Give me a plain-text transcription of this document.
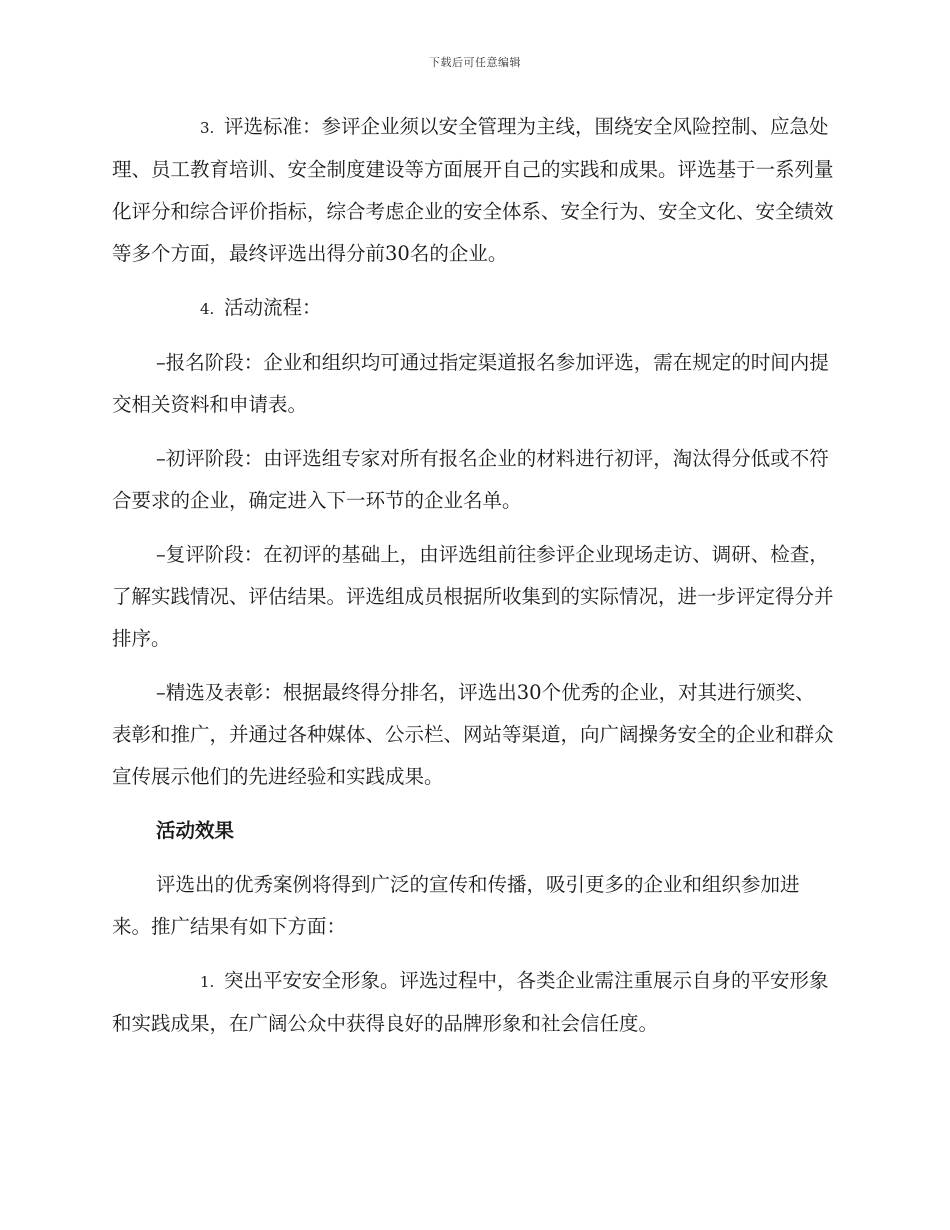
下载后可任意编辑

3. 评选标准：参评企业须以安全管理为主线，围绕安全风险控制、应急处理、员工教育培训、安全制度建设等方面展开自己的实践和成果。评选基于一系列量化评分和综合评价指标，综合考虑企业的安全体系、安全行为、安全文化、安全绩效等多个方面，最终评选出得分前30名的企业。

4. 活动流程：

–报名阶段：企业和组织均可通过指定渠道报名参加评选，需在规定的时间内提交相关资料和申请表。

–初评阶段：由评选组专家对所有报名企业的材料进行初评，淘汰得分低或不符合要求的企业，确定进入下一环节的企业名单。

–复评阶段：在初评的基础上，由评选组前往参评企业现场走访、调研、检查，了解实践情况、评估结果。评选组成员根据所收集到的实际情况，进一步评定得分并排序。

–精选及表彰：根据最终得分排名，评选出30个优秀的企业，对其进行颁奖、表彰和推广，并通过各种媒体、公示栏、网站等渠道，向广阔操务安全的企业和群众宣传展示他们的先进经验和实践成果。

活动效果

评选出的优秀案例将得到广泛的宣传和传播，吸引更多的企业和组织参加进来。推广结果有如下方面：

1. 突出平安安全形象。评选过程中，各类企业需注重展示自身的平安形象和实践成果，在广阔公众中获得良好的品牌形象和社会信任度。
